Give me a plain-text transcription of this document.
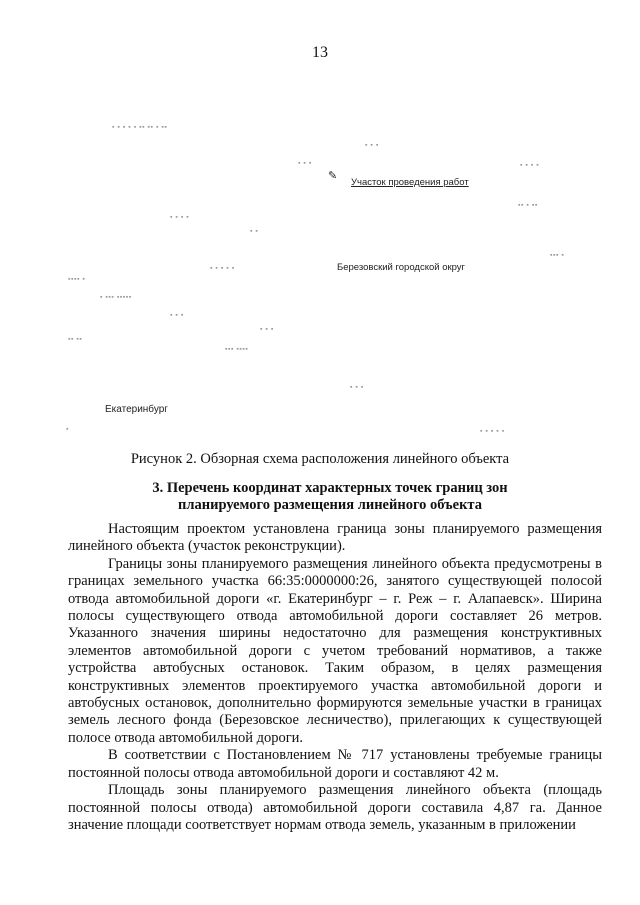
13
▪ ▪ ▪ ▪ ▪ ▪▪ ▪▪ ▪ ▪▪
▪ ▪ ▪
▪ ▪ ▪	▪ ▪ ▪ ▪
▪▪ ▪ ▪▪
▪ ▪ ▪ ▪
▪ ▪
▪▪▪ ▪
▪ ▪ ▪ ▪ ▪
▪▪▪▪ ▪
▪ ▪▪▪ ▪▪▪▪▪
▪ ▪ ▪
▪ ▪ ▪
▪▪ ▪▪
▪▪▪ ▪▪▪▪
▪ ▪ ▪
▪	▪ ▪ ▪ ▪ ▪
✎
Участок проведения работ
Березовский городской округ
Екатеринбург
Рисунок 2. Обзорная схема расположения линейного объекта
3. Перечень координат характерных точек границ зон планируемого размещения линейного объекта

Настоящим проектом установлена граница зоны планируемого размещения линейного объекта (участок реконструкции).

Границы зоны планируемого размещения линейного объекта предусмотрены в границах земельного участка 66:35:0000000:26, занятого существующей полосой отвода автомобильной дороги «г. Екатеринбург – г. Реж – г. Алапаевск». Ширина полосы существующего отвода автомобильной дороги составляет 26 метров. Указанного значения ширины недостаточно для размещения конструктивных элементов автомобильной дороги с учетом требований нормативов, а также устройства автобусных остановок. Таким образом, в целях размещения конструктивных элементов проектируемого участка автомобильной дороги и автобусных остановок, дополнительно формируются земельные участки в границах земель лесного фонда (Березовское лесничество), прилегающих к существующей полосе отвода автомобильной дороги.

В соответствии с Постановлением № 717 установлены требуемые границы постоянной полосы отвода автомобильной дороги и составляют 42 м.

Площадь зоны планируемого размещения линейного объекта (площадь постоянной полосы отвода) автомобильной дороги составила 4,87 га. Данное значение площади соответствует нормам отвода земель, указанным в приложении
